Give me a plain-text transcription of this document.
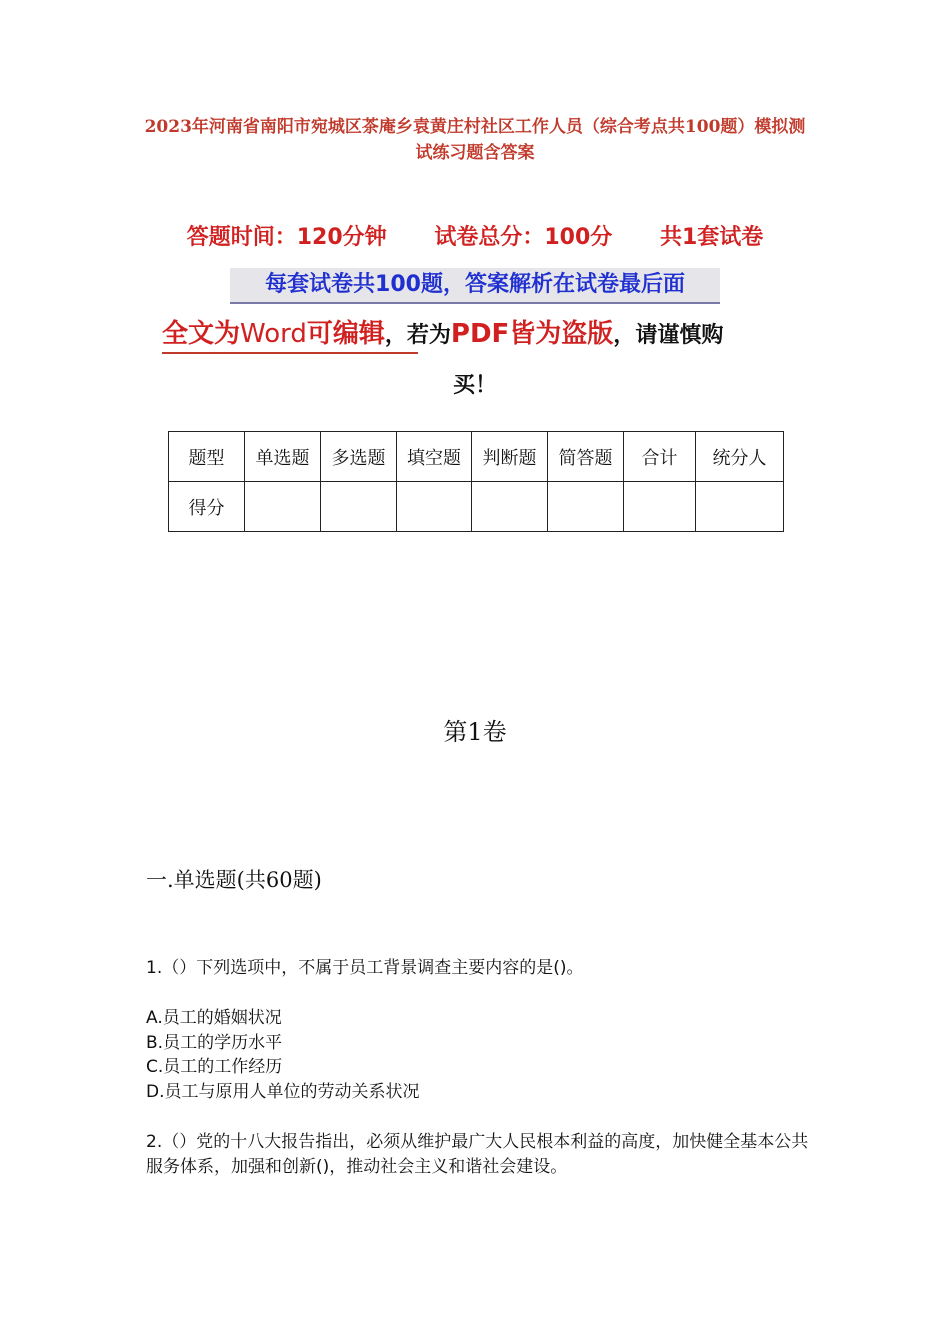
2023年河南省南阳市宛城区茶庵乡袁黄庄村社区工作人员（综合考点共100题）模拟测试练习题含答案
答题时间：120分钟 试卷总分：100分 共1套试卷
每套试卷共100题，答案解析在试卷最后面
全文为Word可编辑，若为PDF皆为盗版，请谨慎购
买！
题型	单选题	多选题	填空题	判断题	简答题	合计	统分人
得分							
第1卷
一.单选题(共60题)
1.（）下列选项中，不属于员工背景调查主要内容的是()。
A.员工的婚姻状况
B.员工的学历水平
C.员工的工作经历
D.员工与原用人单位的劳动关系状况
2.（）党的十八大报告指出，必须从维护最广大人民根本利益的高度，加快健全基本公共服务体系，加强和创新()，推动社会主义和谐社会建设。
